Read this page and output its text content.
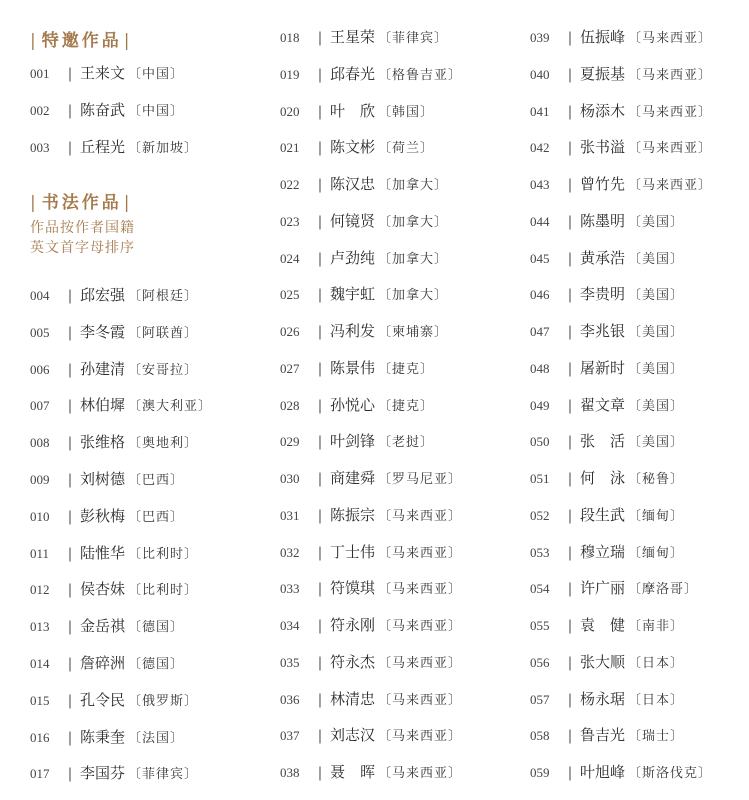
| 特邀作品 |
001 | 王来文 〔中国〕
002 | 陈奋武 〔中国〕
003 | 丘程光 〔新加坡〕
| 书法作品 |
作品按作者国籍
英文首字母排序
004 | 邱宏强 〔阿根廷〕
005 | 李冬霞 〔阿联酋〕
006 | 孙建清 〔安哥拉〕
007 | 林伯墀 〔澳大利亚〕
008 | 张维格 〔奥地利〕
009 | 刘树德 〔巴西〕
010 | 彭秋梅 〔巴西〕
011 | 陆惟华 〔比利时〕
012 | 侯杏妹 〔比利时〕
013 | 金岳祺 〔德国〕
014 | 詹碎洲 〔德国〕
015 | 孔令民 〔俄罗斯〕
016 | 陈秉奎 〔法国〕
017 | 李国芬 〔菲律宾〕
018 | 王星荣 〔菲律宾〕
019 | 邱春光 〔格鲁吉亚〕
020 | 叶　欣 〔韩国〕
021 | 陈文彬 〔荷兰〕
022 | 陈汉忠 〔加拿大〕
023 | 何镜贤 〔加拿大〕
024 | 卢劲纯 〔加拿大〕
025 | 魏宇虹 〔加拿大〕
026 | 冯利发 〔柬埔寨〕
027 | 陈景伟 〔捷克〕
028 | 孙悦心 〔捷克〕
029 | 叶剑锋 〔老挝〕
030 | 商建舜 〔罗马尼亚〕
031 | 陈振宗 〔马来西亚〕
032 | 丁士伟 〔马来西亚〕
033 | 符馍琪 〔马来西亚〕
034 | 符永刚 〔马来西亚〕
035 | 符永杰 〔马来西亚〕
036 | 林清忠 〔马来西亚〕
037 | 刘志汉 〔马来西亚〕
038 | 聂　晖 〔马来西亚〕
039 | 伍振峰 〔马来西亚〕
040 | 夏振基 〔马来西亚〕
041 | 杨添木 〔马来西亚〕
042 | 张书溢 〔马来西亚〕
043 | 曾竹先 〔马来西亚〕
044 | 陈墨明 〔美国〕
045 | 黄承浩 〔美国〕
046 | 李贵明 〔美国〕
047 | 李兆银 〔美国〕
048 | 屠新时 〔美国〕
049 | 翟文章 〔美国〕
050 | 张　活 〔美国〕
051 | 何　泳 〔秘鲁〕
052 | 段生武 〔缅甸〕
053 | 穆立瑞 〔缅甸〕
054 | 许广丽 〔摩洛哥〕
055 | 袁　健 〔南非〕
056 | 张大顺 〔日本〕
057 | 杨永琚 〔日本〕
058 | 鲁吉光 〔瑞士〕
059 | 叶旭峰 〔斯洛伐克〕
